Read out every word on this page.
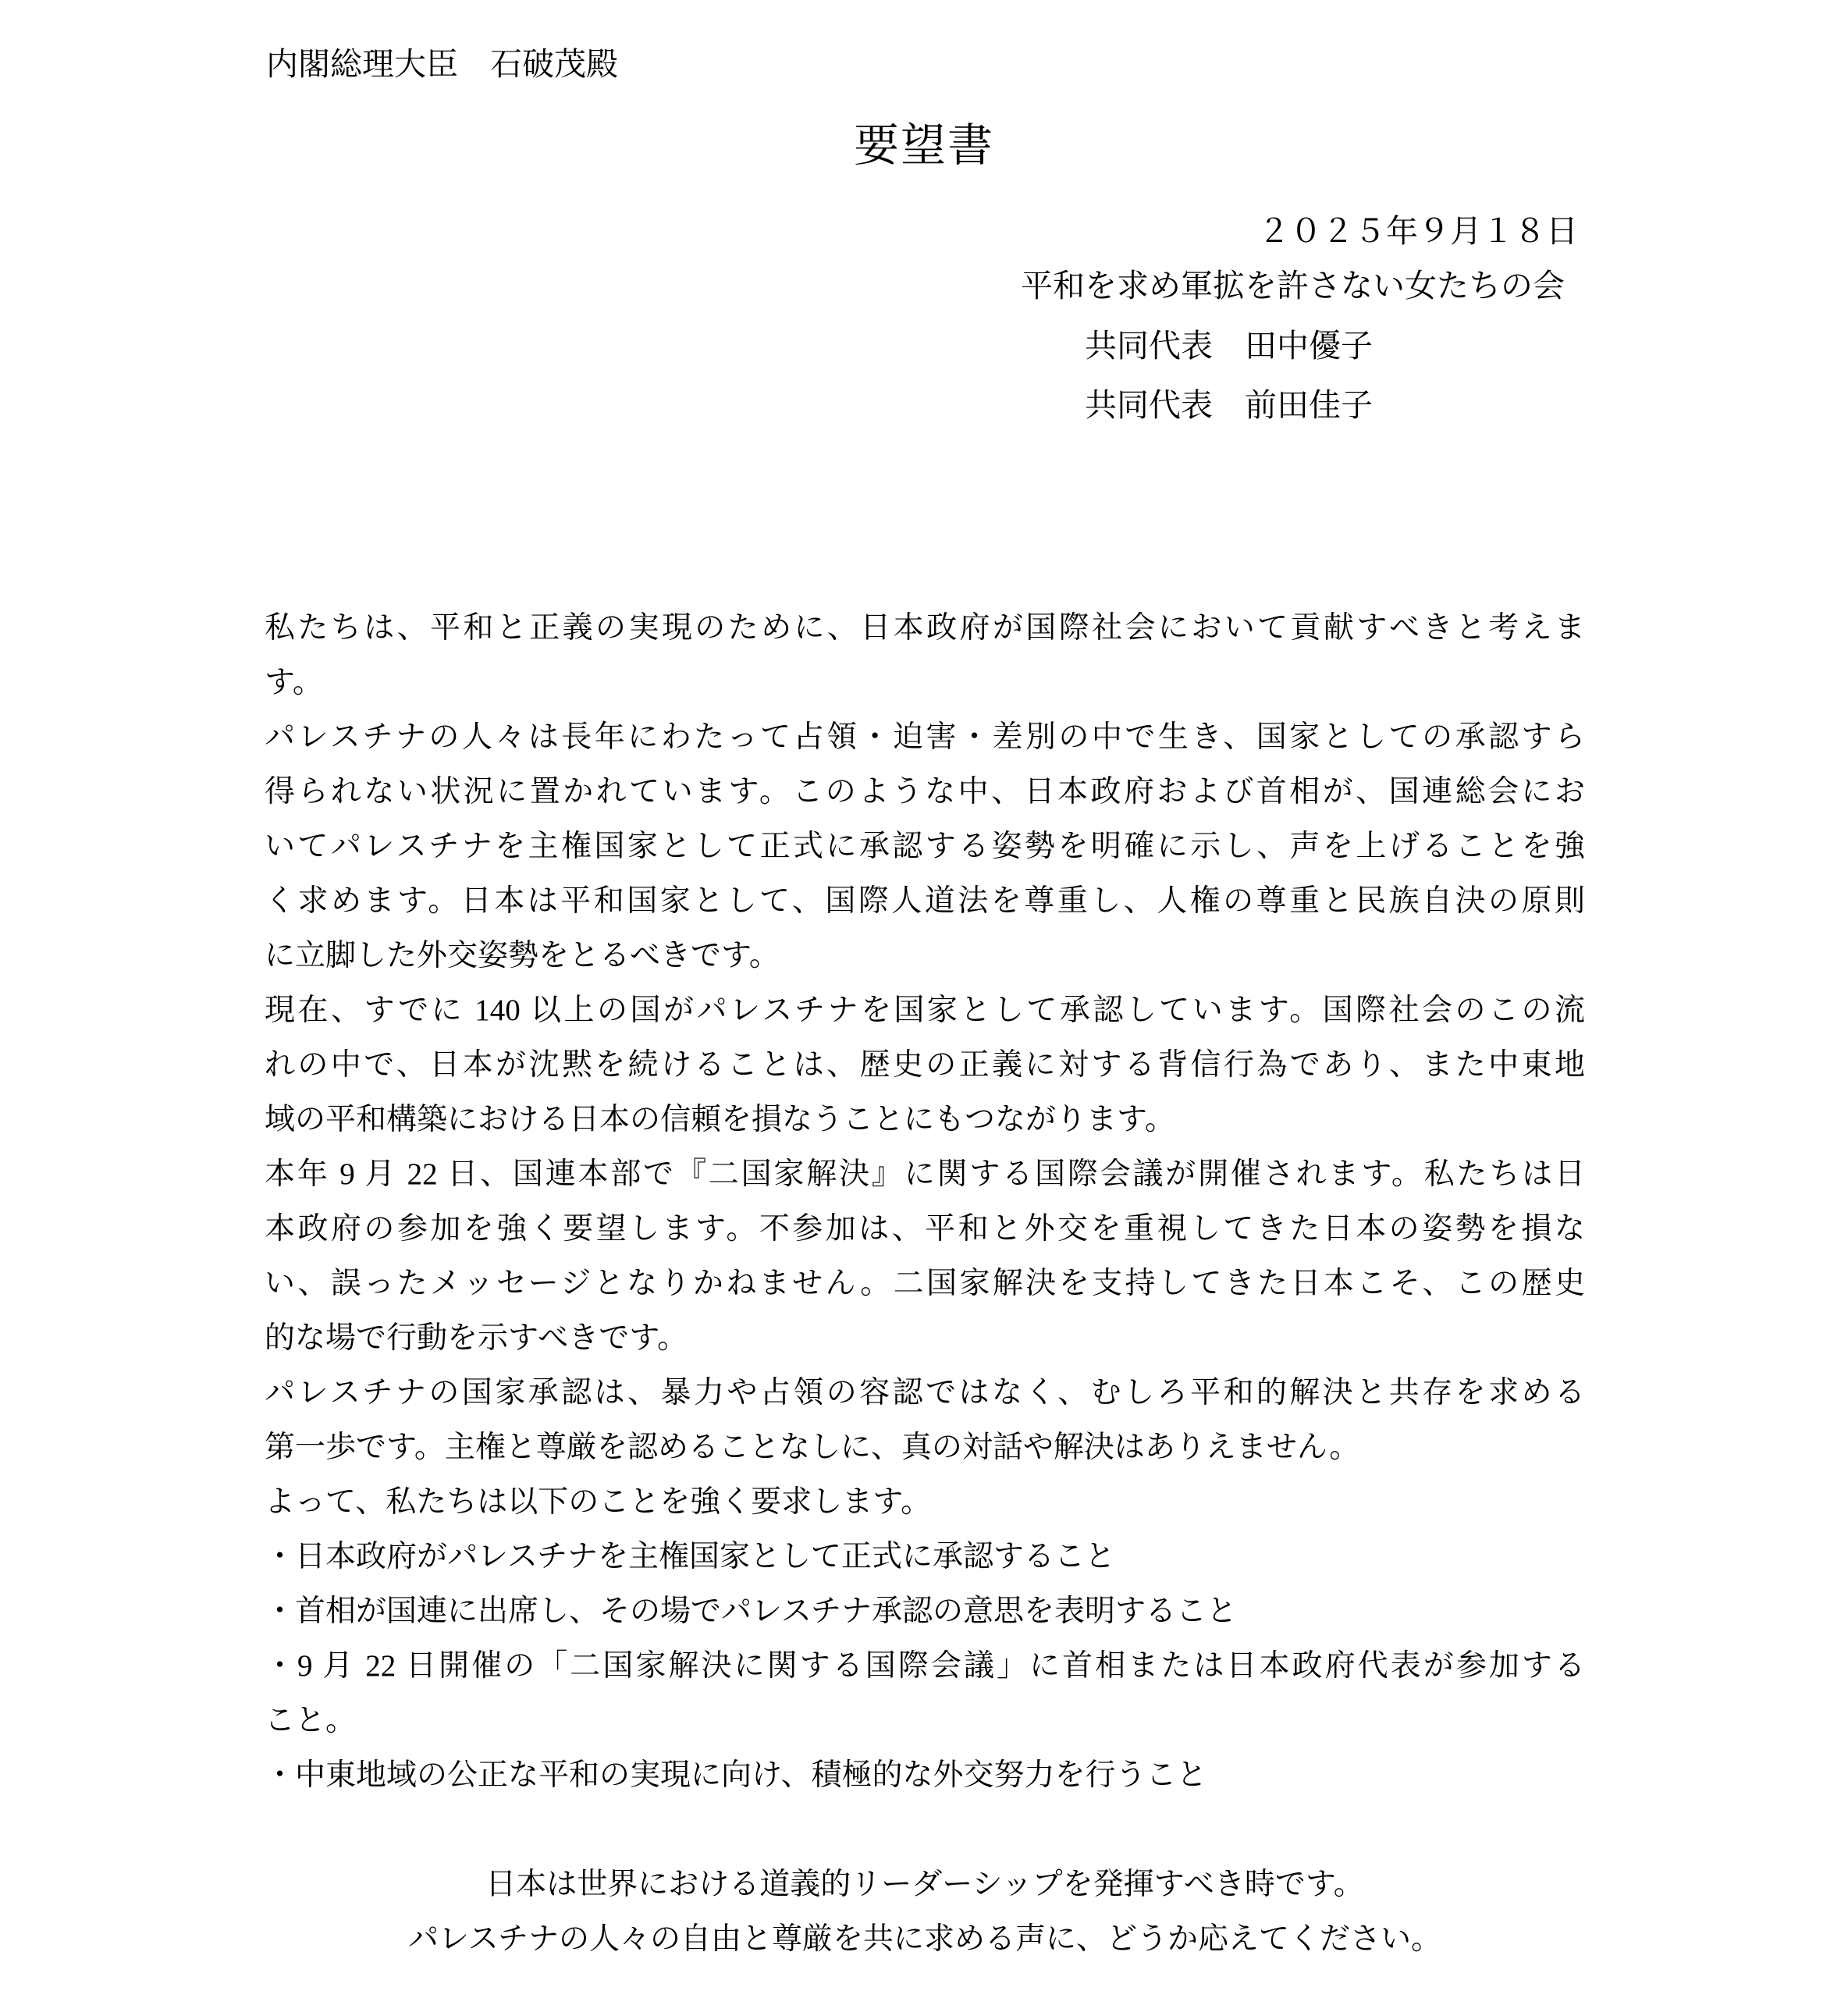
内閣総理大臣　石破茂殿
要望書
２０２５年９月１８日
平和を求め軍拡を許さない女たちの会
共同代表　田中優子
共同代表　前田佳子
私たちは、平和と正義の実現のために、日本政府が国際社会において貢献すべきと考えま
す。
パレスチナの人々は長年にわたって占領・迫害・差別の中で生き、国家としての承認すら
得られない状況に置かれています。このような中、日本政府および首相が、国連総会にお
いてパレスチナを主権国家として正式に承認する姿勢を明確に示し、声を上げることを強
く求めます。日本は平和国家として、国際人道法を尊重し、人権の尊重と民族自決の原則
に立脚した外交姿勢をとるべきです。
現在、すでに 140 以上の国がパレスチナを国家として承認しています。国際社会のこの流
れの中で、日本が沈黙を続けることは、歴史の正義に対する背信行為であり、また中東地
域の平和構築における日本の信頼を損なうことにもつながります。
本年 9 月 22 日、国連本部で『二国家解決』に関する国際会議が開催されます。私たちは日
本政府の参加を強く要望します。不参加は、平和と外交を重視してきた日本の姿勢を損な
い、誤ったメッセージとなりかねません。二国家解決を支持してきた日本こそ、この歴史
的な場で行動を示すべきです。
パレスチナの国家承認は、暴力や占領の容認ではなく、むしろ平和的解決と共存を求める
第一歩です。主権と尊厳を認めることなしに、真の対話や解決はありえません。
よって、私たちは以下のことを強く要求します。
・日本政府がパレスチナを主権国家として正式に承認すること
・首相が国連に出席し、その場でパレスチナ承認の意思を表明すること
・9 月 22 日開催の「二国家解決に関する国際会議」に首相または日本政府代表が参加する
こと。
・中東地域の公正な平和の実現に向け、積極的な外交努力を行うこと
日本は世界における道義的リーダーシップを発揮すべき時です。
パレスチナの人々の自由と尊厳を共に求める声に、どうか応えてください。
